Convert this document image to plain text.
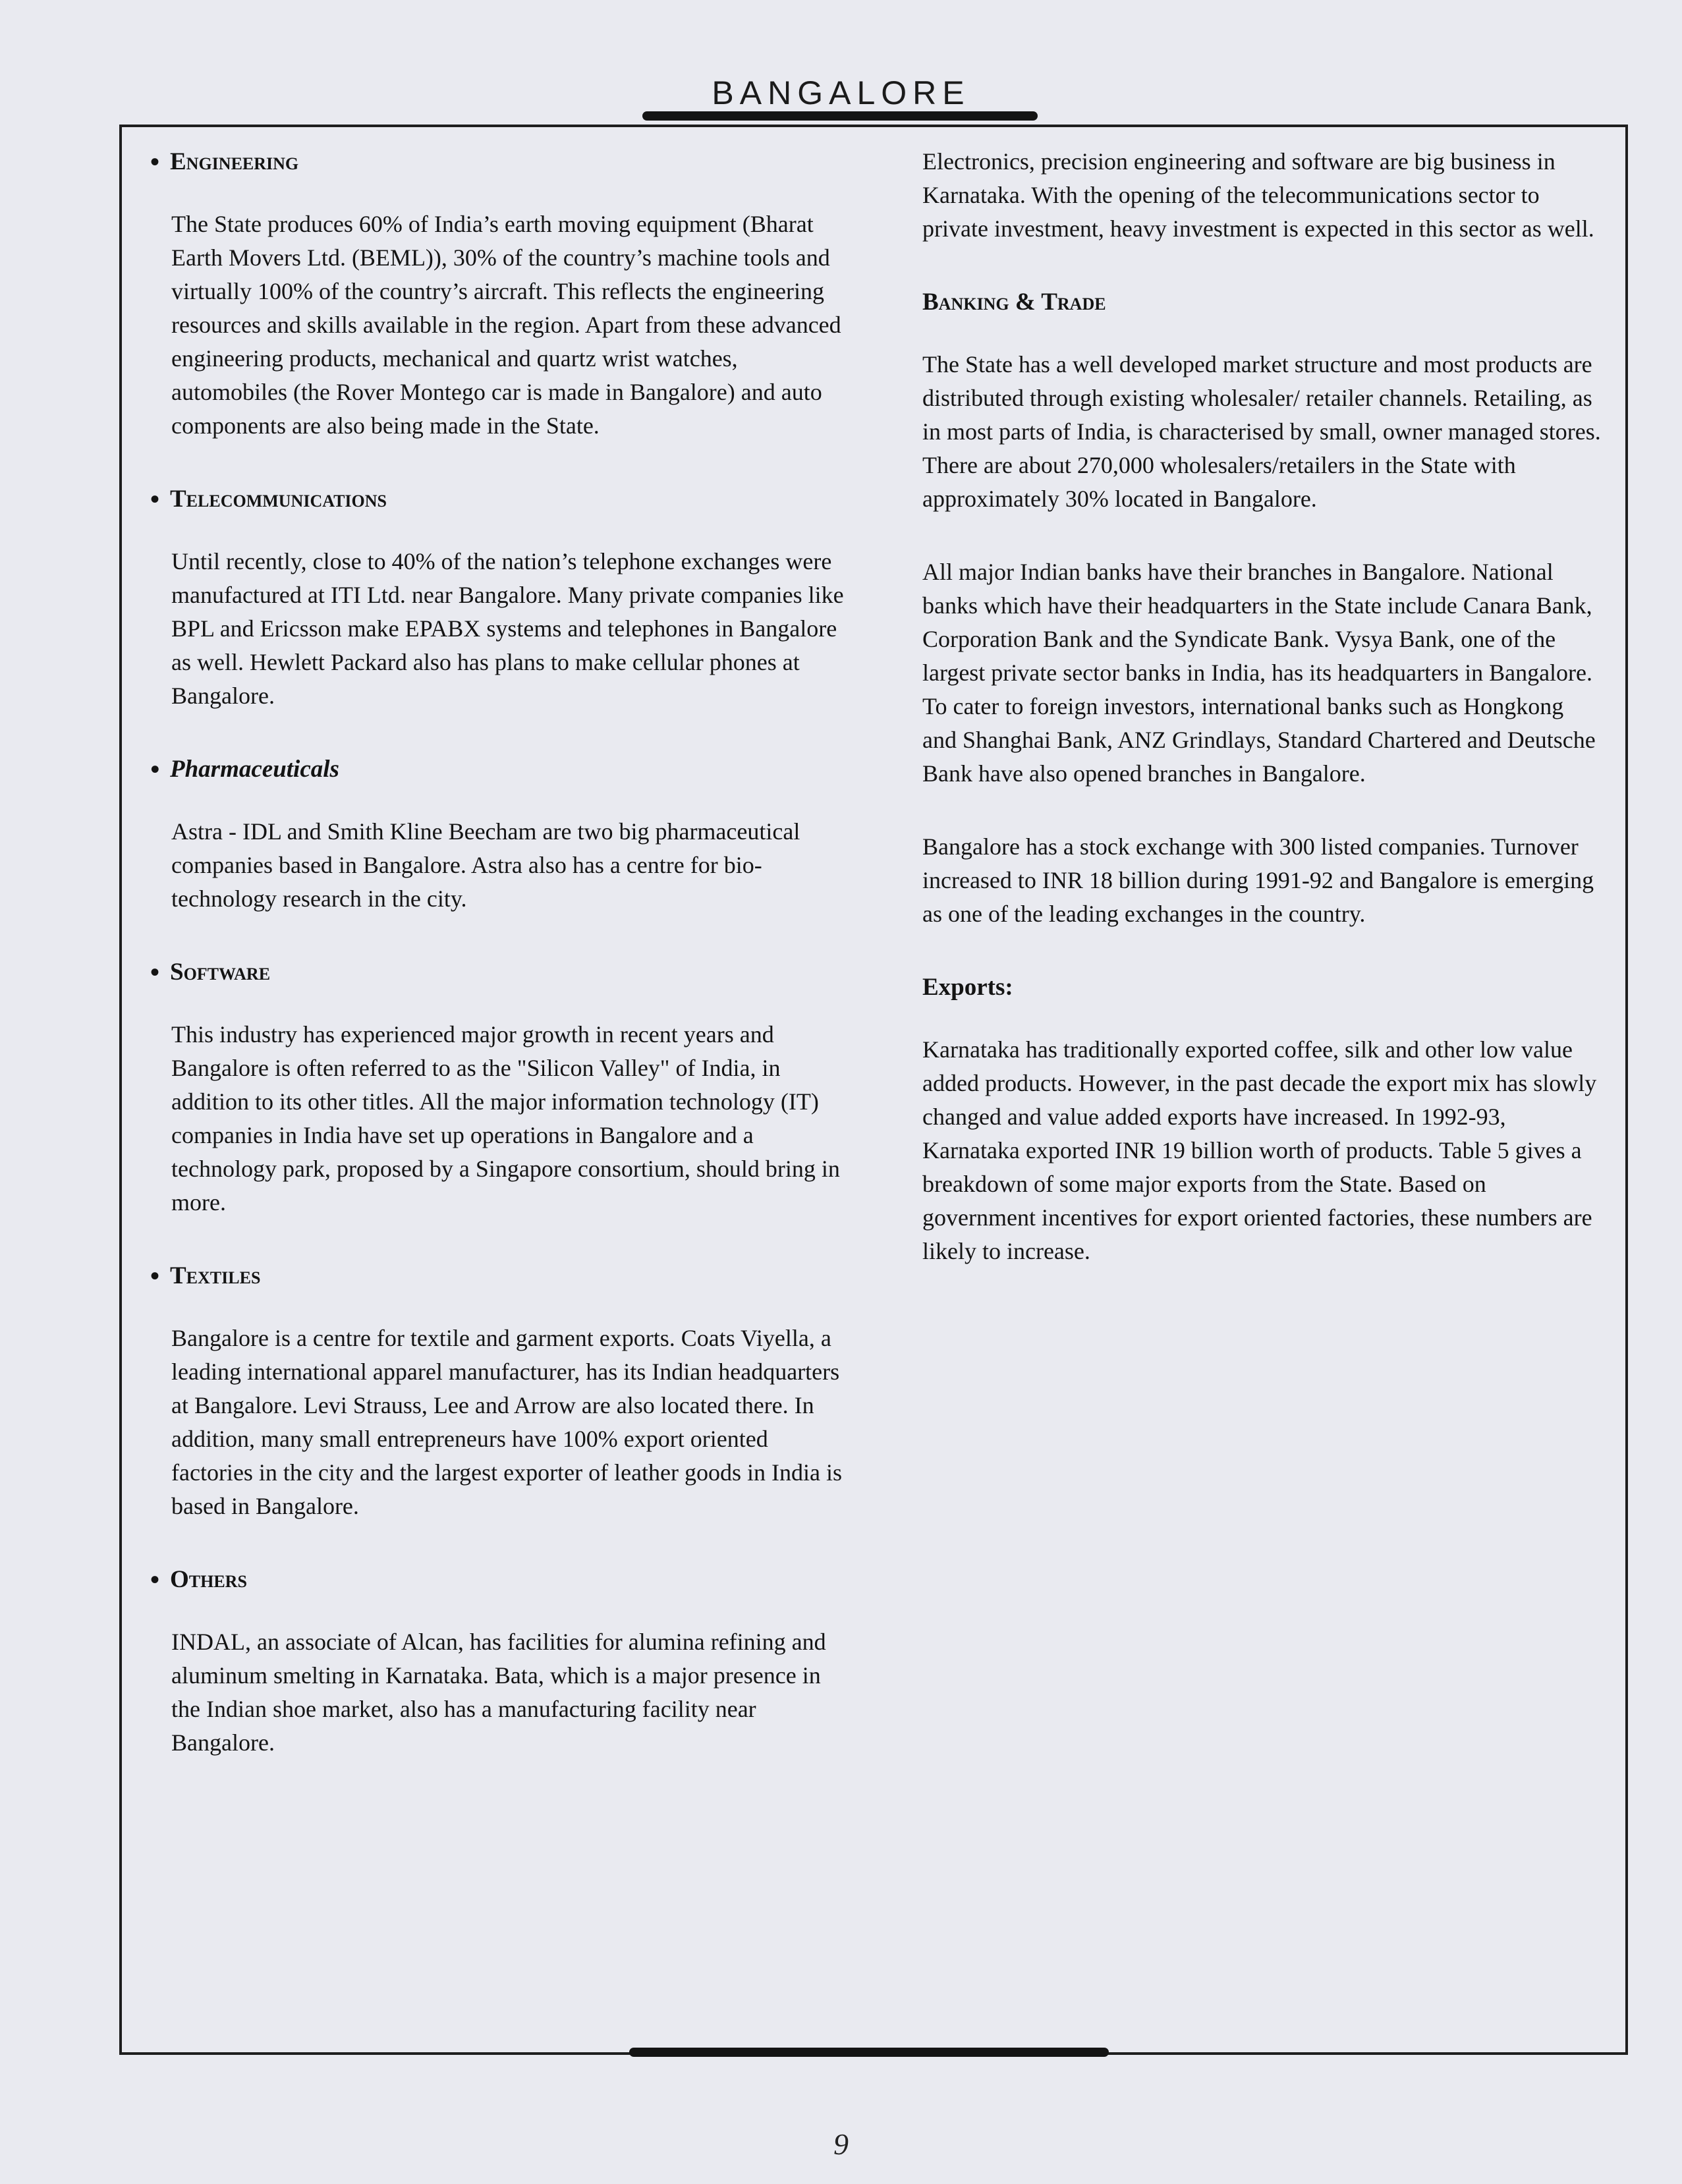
BANGALORE
• Engineering

The State produces 60% of India’s earth moving equipment (Bharat Earth Movers Ltd. (BEML)), 30% of the country’s machine tools and virtually 100% of the country’s aircraft. This reflects the engineering resources and skills available in the region. Apart from these advanced engineering products, mechanical and quartz wrist watches, automobiles (the Rover Montego car is made in Bangalore) and auto components are also being made in the State.

• Telecommunications

Until recently, close to 40% of the nation’s telephone exchanges were manufactured at ITI Ltd. near Bangalore. Many private companies like BPL and Ericsson make EPABX systems and telephones in Bangalore as well. Hewlett Packard also has plans to make cellular phones at Bangalore.

• Pharmaceuticals

Astra - IDL and Smith Kline Beecham are two big pharmaceutical companies based in Bangalore. Astra also has a centre for bio-technology research in the city.

• Software

This industry has experienced major growth in recent years and Bangalore is often referred to as the "Silicon Valley" of India, in addition to its other titles. All the major information technology (IT) companies in India have set up operations in Bangalore and a technology park, proposed by a Singapore consortium, should bring in more.

• Textiles

Bangalore is a centre for textile and garment exports. Coats Viyella, a leading international apparel manufacturer, has its Indian headquarters at Bangalore. Levi Strauss, Lee and Arrow are also located there. In addition, many small entrepreneurs have 100% export oriented factories in the city and the largest exporter of leather goods in India is based in Bangalore.

• Others

INDAL, an associate of Alcan, has facilities for alumina refining and aluminum smelting in Karnataka. Bata, which is a major presence in the Indian shoe market, also has a manufacturing facility near Bangalore.

Electronics, precision engineering and software are big business in Karnataka. With the opening of the telecommunications sector to private investment, heavy investment is expected in this sector as well.

Banking & Trade

The State has a well developed market structure and most products are distributed through existing wholesaler/ retailer channels. Retailing, as in most parts of India, is characterised by small, owner managed stores. There are about 270,000 wholesalers/retailers in the State with approximately 30% located in Bangalore.

All major Indian banks have their branches in Bangalore. National banks which have their headquarters in the State include Canara Bank, Corporation Bank and the Syndicate Bank. Vysya Bank, one of the largest private sector banks in India, has its headquarters in Bangalore. To cater to foreign investors, international banks such as Hongkong and Shanghai Bank, ANZ Grindlays, Standard Chartered and Deutsche Bank have also opened branches in Bangalore.

Bangalore has a stock exchange with 300 listed companies. Turnover increased to INR 18 billion during 1991-92 and Bangalore is emerging as one of the leading exchanges in the country.

Exports:

Karnataka has traditionally exported coffee, silk and other low value added products. However, in the past decade the export mix has slowly changed and value added exports have increased. In 1992-93, Karnataka exported INR 19 billion worth of products. Table 5 gives a breakdown of some major exports from the State. Based on government incentives for export oriented factories, these numbers are likely to increase.

9
